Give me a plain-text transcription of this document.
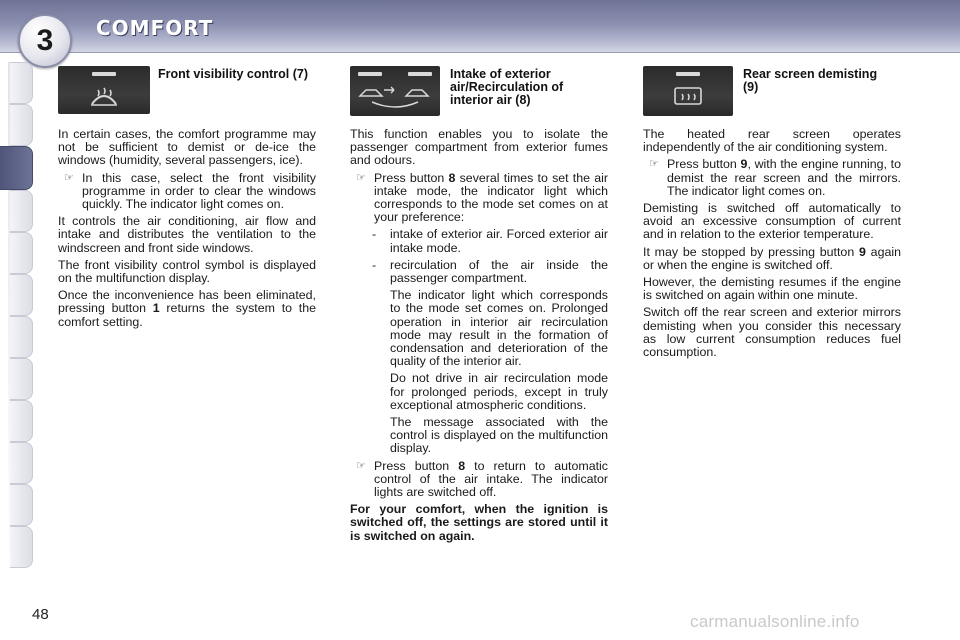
3	COMFORT
Front visibility control (7)

In certain cases, the comfort programme may not be sufficient to demist or de-ice the windows (humidity, several passengers, ice).

☞ In this case, select the front visibility programme in order to clear the windows quickly. The indicator light comes on.

It controls the air conditioning, air flow and intake and distributes the ventilation to the windscreen and front side windows.

The front visibility control symbol is displayed on the multifunction display.

Once the inconvenience has been eliminated, pressing button 1 returns the system to the comfort setting.

Intake of exterior air/Recirculation of interior air (8)

This function enables you to isolate the passenger compartment from exterior fumes and odours.

☞ Press button 8 several times to set the air intake mode, the indicator light which corresponds to the mode set comes on at your preference:
- intake of exterior air. Forced exterior air intake mode.
- recirculation of the air inside the passenger compartment.

The indicator light which corresponds to the mode set comes on. Prolonged operation in interior air recirculation mode may result in the formation of condensation and deterioration of the quality of the interior air.

Do not drive in air recirculation mode for prolonged periods, except in truly exceptional atmospheric conditions.

The message associated with the control is displayed on the multifunction display.

☞ Press button 8 to return to automatic control of the air intake. The indicator lights are switched off.

For your comfort, when the ignition is switched off, the settings are stored until it is switched on again.

Rear screen demisting (9)

The heated rear screen operates independently of the air conditioning system.

☞ Press button 9, with the engine running, to demist the rear screen and the mirrors. The indicator light comes on.

Demisting is switched off automatically to avoid an excessive consumption of current and in relation to the exterior temperature.

It may be stopped by pressing button 9 again or when the engine is switched off.

However, the demisting resumes if the engine is switched on again within one minute.

Switch off the rear screen and exterior mirrors demisting when you consider this necessary as low current consumption reduces fuel consumption.

48	carmanualsonline.info
